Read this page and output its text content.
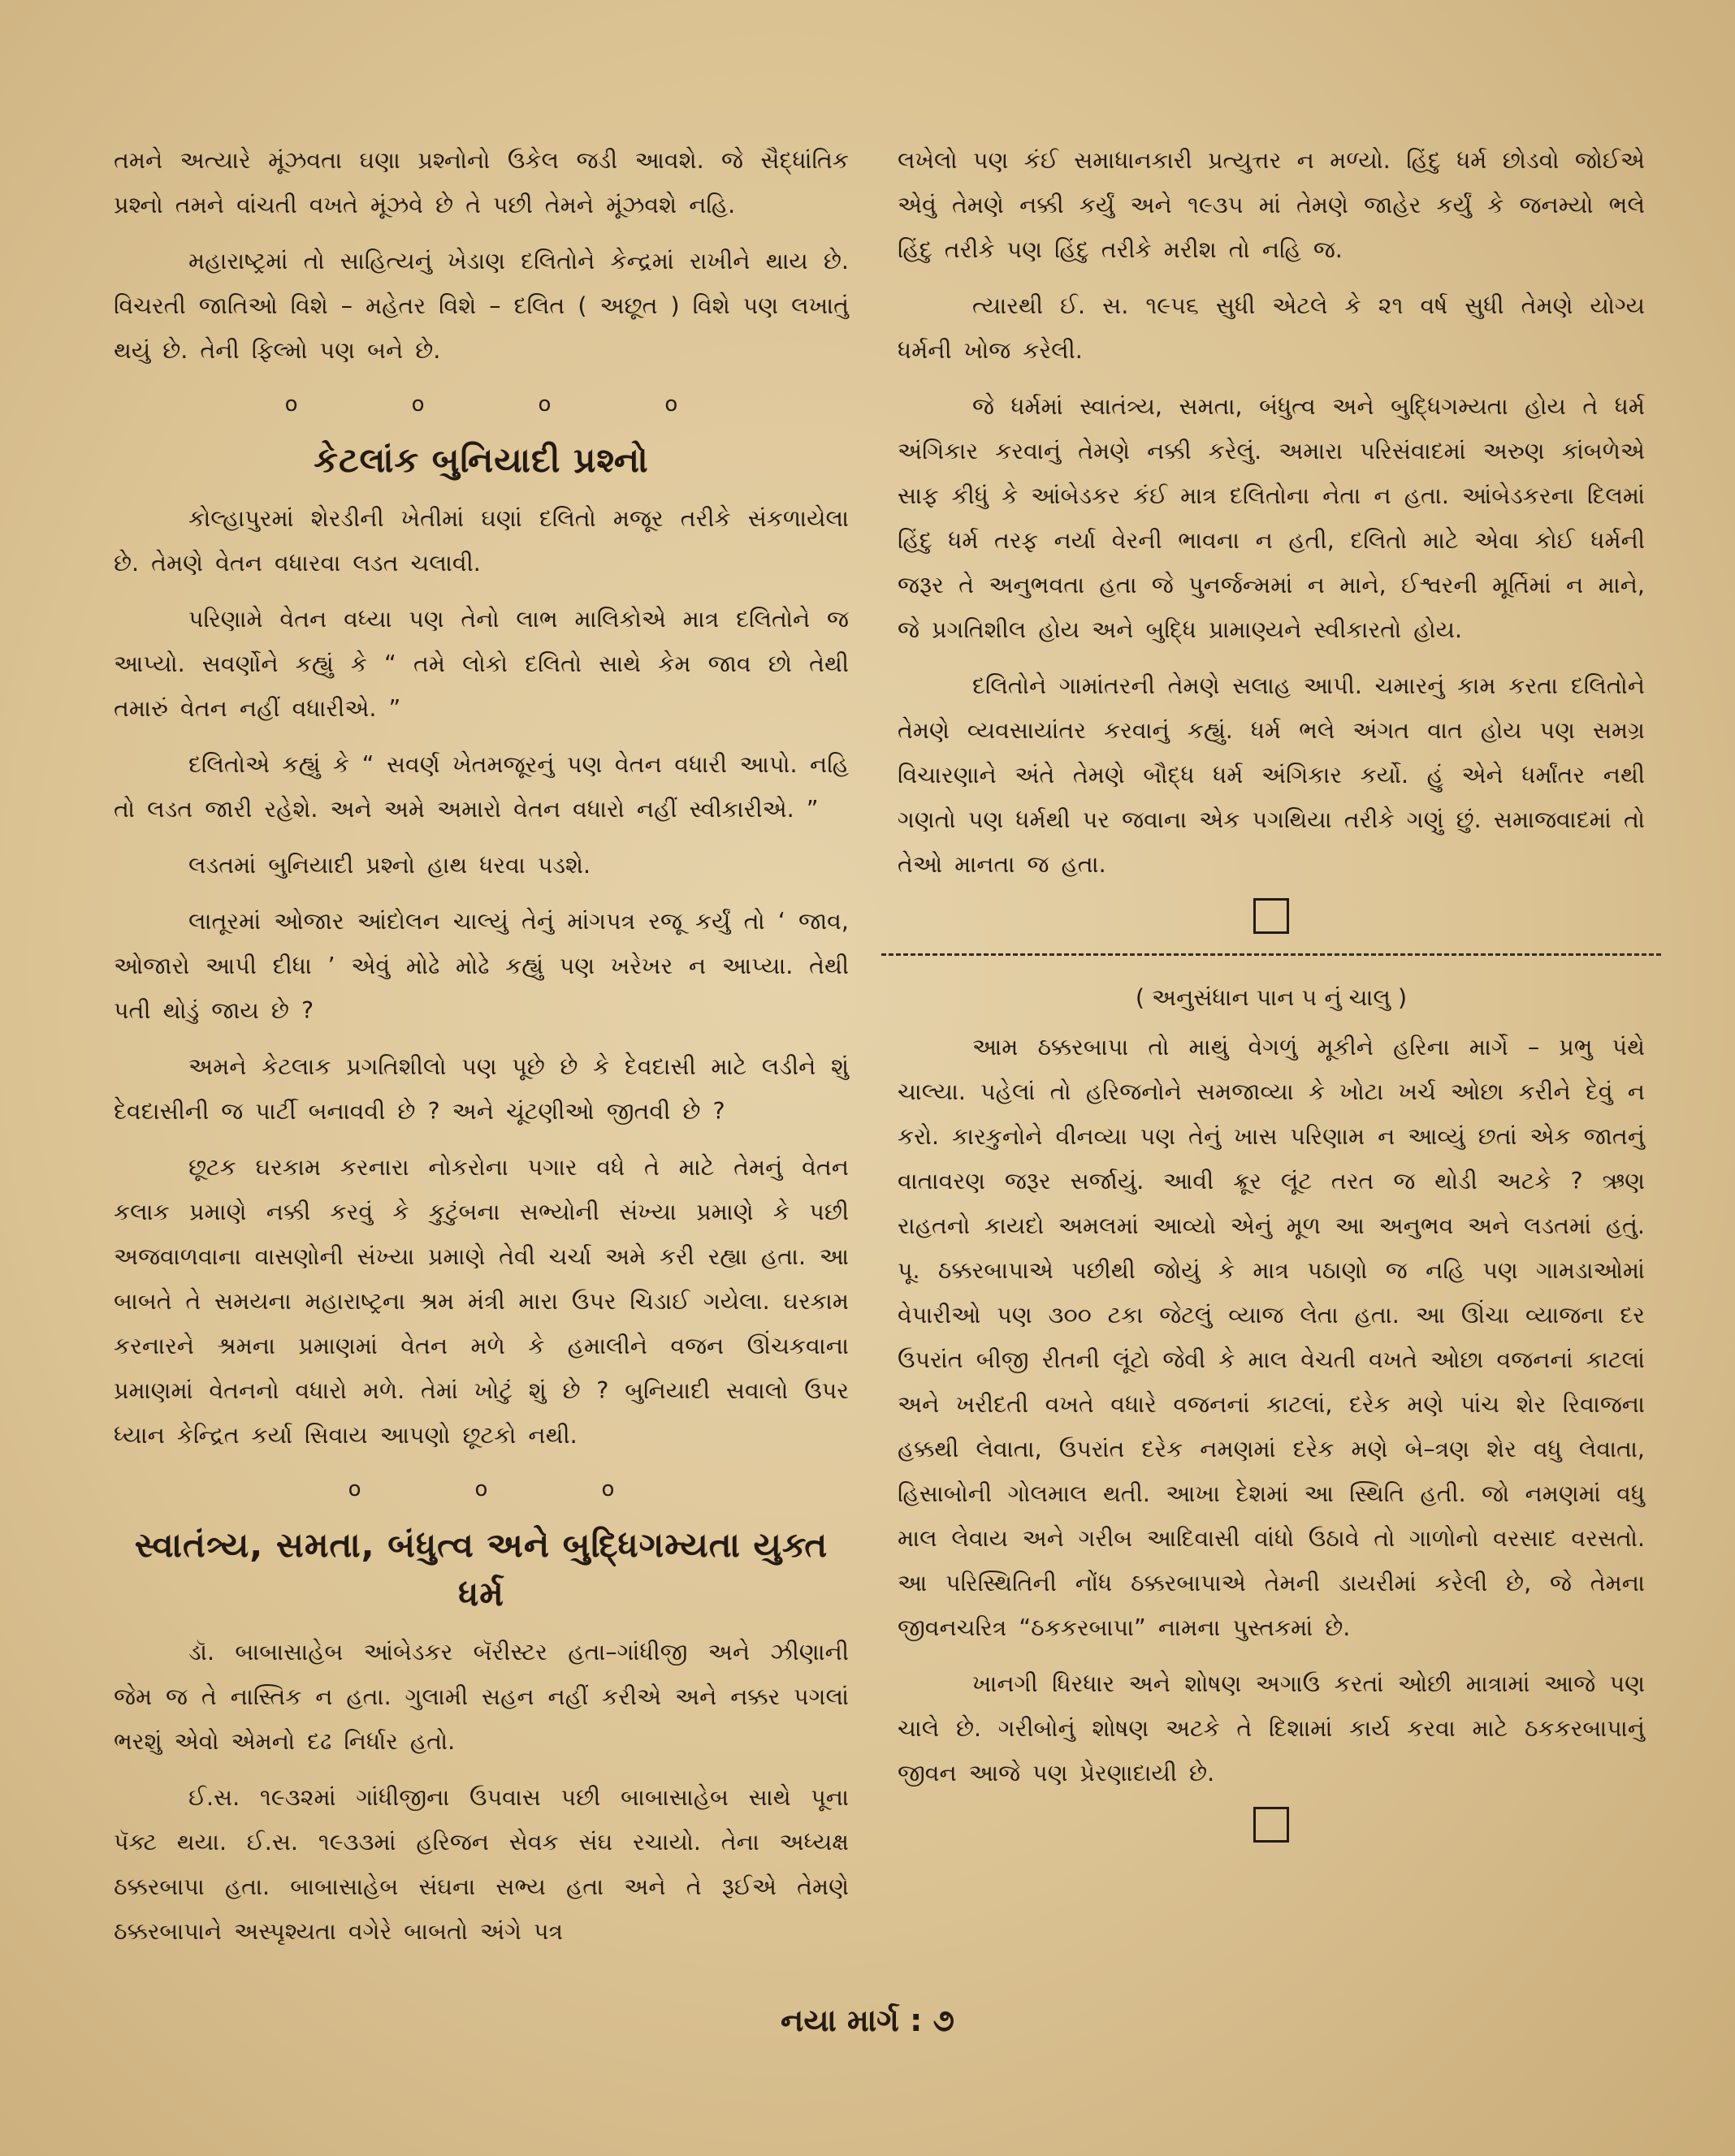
તમને અત્યારે મૂંઝવતા ઘણા પ્રશ્નોનો ઉકેલ જડી આવશે. જે સૈદ્ધાંતિક પ્રશ્નો તમને વાંચતી વખતે મૂંઝવે છે તે પછી તેમને મૂંઝવશે નહિ.

મહારાષ્ટ્રમાં તો સાહિત્યનું ખેડાણ દલિતોને કેન્દ્રમાં રાખીને થાય છે. વિચરતી જાતિઓ વિશે – મહેતર વિશે – દલિત ( અછૂત ) વિશે પણ લખાતું થયું છે. તેની ફિલ્મો પણ બને છે.

o	o	o	o
કેટલાંક બુનિયાદી પ્રશ્નો

કોલ્હાપુરમાં શેરડીની ખેતીમાં ઘણાં દલિતો મજૂર તરીકે સંકળાયેલા છે. તેમણે વેતન વધારવા લડત ચલાવી.

પરિણામે વેતન વધ્યા પણ તેનો લાભ માલિકોએ માત્ર દલિતોને જ આપ્યો. સવર્ણોને કહ્યું કે “ તમે લોકો દલિતો સાથે કેમ જાવ છો તેથી તમારું વેતન નહીં વધારીએ. ”

દલિતોએ કહ્યું કે “ સવર્ણ ખેતમજૂરનું પણ વેતન વધારી આપો. નહિ તો લડત જારી રહેશે. અને અમે અમારો વેતન વધારો નહીં સ્વીકારીએ. ”

લડતમાં બુનિયાદી પ્રશ્નો હાથ ધરવા પડશે.

લાતૂરમાં ઓજાર આંદોલન ચાલ્યું તેનું માંગપત્ર રજૂ કર્યું તો ‘ જાવ, ઓજારો આપી દીધા ’ એવું મોઢે મોઢે કહ્યું પણ ખરેખર ન આપ્યા. તેથી પતી થોડું જાય છે ?

અમને કેટલાક પ્રગતિશીલો પણ પૂછે છે કે દેવદાસી માટે લડીને શું દેવદાસીની જ પાર્ટી બનાવવી છે ? અને ચૂંટણીઓ જીતવી છે ?

છૂટક ઘરકામ કરનારા નોકરોના પગાર વધે તે માટે તેમનું વેતન કલાક પ્રમાણે નક્કી કરવું કે કુટુંબના સભ્યોની સંખ્યા પ્રમાણે કે પછી અજવાળવાના વાસણોની સંખ્યા પ્રમાણે તેવી ચર્ચા અમે કરી રહ્યા હતા. આ બાબતે તે સમયના મહારાષ્ટ્રના શ્રમ મંત્રી મારા ઉપર ચિડાઈ ગયેલા. ઘરકામ કરનારને શ્રમના પ્રમાણમાં વેતન મળે કે હમાલીને વજન ઊંચકવાના પ્રમાણમાં વેતનનો વધારો મળે. તેમાં ખોટું શું છે ? બુનિયાદી સવાલો ઉપર ધ્યાન કેન્દ્રિત કર્યા સિવાય આપણો છૂટકો નથી.

o	o	o
સ્વાતંત્ર્ય, સમતા, બંધુત્વ અને બુદ્ધિગમ્યતા યુક્ત ધર્મ

ડૉ. બાબાસાહેબ આંબેડકર બૅરીસ્ટર હતા–ગાંધીજી અને ઝીણાની જેમ જ તે નાસ્તિક ન હતા. ગુલામી સહન નહીં કરીએ અને નક્કર પગલાં ભરશું એવો એમનો દઢ નિર્ધાર હતો.

ઈ.સ. ૧૯૩૨માં ગાંધીજીના ઉપવાસ પછી બાબાસાહેબ સાથે પૂના પૅક્ટ થયા. ઈ.સ. ૧૯૩૩માં હરિજન સેવક સંઘ રચાયો. તેના અધ્યક્ષ ઠક્કરબાપા હતા. બાબાસાહેબ સંઘના સભ્ય હતા અને તે રૂઈએ તેમણે ઠક્કરબાપાને અસ્પૃશ્યતા વગેરે બાબતો અંગે પત્ર

લખેલો પણ કંઈ સમાધાનકારી પ્રત્યુત્તર ન મળ્યો. હિંદુ ધર્મ છોડવો જોઈએ એવું તેમણે નક્કી કર્યું અને ૧૯૩૫ માં તેમણે જાહેર કર્યું કે જનમ્યો ભલે હિંદુ તરીકે પણ હિંદુ તરીકે મરીશ તો નહિ જ.

ત્યારથી ઈ. સ. ૧૯૫૬ સુધી એટલે કે ૨૧ વર્ષ સુધી તેમણે યોગ્ય ધર્મની ખોજ કરેલી.

જે ધર્મમાં સ્વાતંત્ર્ય, સમતા, બંધુત્વ અને બુદ્ધિગમ્યતા હોય તે ધર્મ અંગિકાર કરવાનું તેમણે નક્કી કરેલું. અમારા પરિસંવાદમાં અરુણ કાંબળેએ સાફ કીધું કે આંબેડકર કંઈ માત્ર દલિતોના નેતા ન હતા. આંબેડકરના દિલમાં હિંદુ ધર્મ તરફ નર્યા વેરની ભાવના ન હતી, દલિતો માટે એવા કોઈ ધર્મની જરૂર તે અનુભવતા હતા જે પુનર્જન્મમાં ન માને, ઈશ્વરની મૂર્તિમાં ન માને, જે પ્રગતિશીલ હોય અને બુદ્ધિ પ્રામાણ્યને સ્વીકારતો હોય.

દલિતોને ગામાંતરની તેમણે સલાહ આપી. ચમારનું કામ કરતા દલિતોને તેમણે વ્યવસાયાંતર કરવાનું કહ્યું. ધર્મ ભલે અંગત વાત હોય પણ સમગ્ર વિચારણાને અંતે તેમણે બૌદ્ધ ધર્મ અંગિકાર કર્યો. હું એને ધર્માંતર નથી ગણતો પણ ધર્મથી પર જવાના એક પગથિયા તરીકે ગણું છું. સમાજવાદમાં તો તેઓ માનતા જ હતા.

( અનુસંધાન પાન ૫ નું ચાલુ )

આમ ઠક્કરબાપા તો માથું વેગળું મૂકીને હરિના માર્ગે – પ્રભુ પંથે ચાલ્યા. પહેલાં તો હરિજનોને સમજાવ્યા કે ખોટા ખર્ચ ઓછા કરીને દેવું ન કરો. કારકુનોને વીનવ્યા પણ તેનું ખાસ પરિણામ ન આવ્યું છતાં એક જાતનું વાતાવરણ જરૂર સર્જાયું. આવી ક્રૂર લૂંટ તરત જ થોડી અટકે ? ઋણ રાહતનો કાયદો અમલમાં આવ્યો એનું મૂળ આ અનુભવ અને લડતમાં હતું. પૂ. ઠક્કરબાપાએ પછીથી જોયું કે માત્ર પઠાણો જ નહિ પણ ગામડાઓમાં વેપારીઓ પણ ૩૦૦ ટકા જેટલું વ્યાજ લેતા હતા. આ ઊંચા વ્યાજના દર ઉપરાંત બીજી રીતની લૂંટો જેવી કે માલ વેચતી વખતે ઓછા વજનનાં કાટલાં અને ખરીદતી વખતે વધારે વજનનાં કાટલાં, દરેક મણે પાંચ શેર રિવાજના હક્કથી લેવાતા, ઉપરાંત દરેક નમણમાં દરેક મણે બે–ત્રણ શેર વધુ લેવાતા, હિસાબોની ગોલમાલ થતી. આખા દેશમાં આ સ્થિતિ હતી. જો નમણમાં વધુ માલ લેવાય અને ગરીબ આદિવાસી વાંધો ઉઠાવે તો ગાળોનો વરસાદ વરસતો. આ પરિસ્થિતિની નોંધ ઠક્કરબાપાએ તેમની ડાયરીમાં કરેલી છે, જે તેમના જીવનચરિત્ર “ઠકકરબાપા” નામના પુસ્તકમાં છે.

ખાનગી ધિરધાર અને શોષણ અગાઉ કરતાં ઓછી માત્રામાં આજે પણ ચાલે છે. ગરીબોનું શોષણ અટકે તે દિશામાં કાર્ય કરવા માટે ઠકકરબાપાનું જીવન આજે પણ પ્રેરણાદાયી છે.

નયા માર્ગ : ૭
